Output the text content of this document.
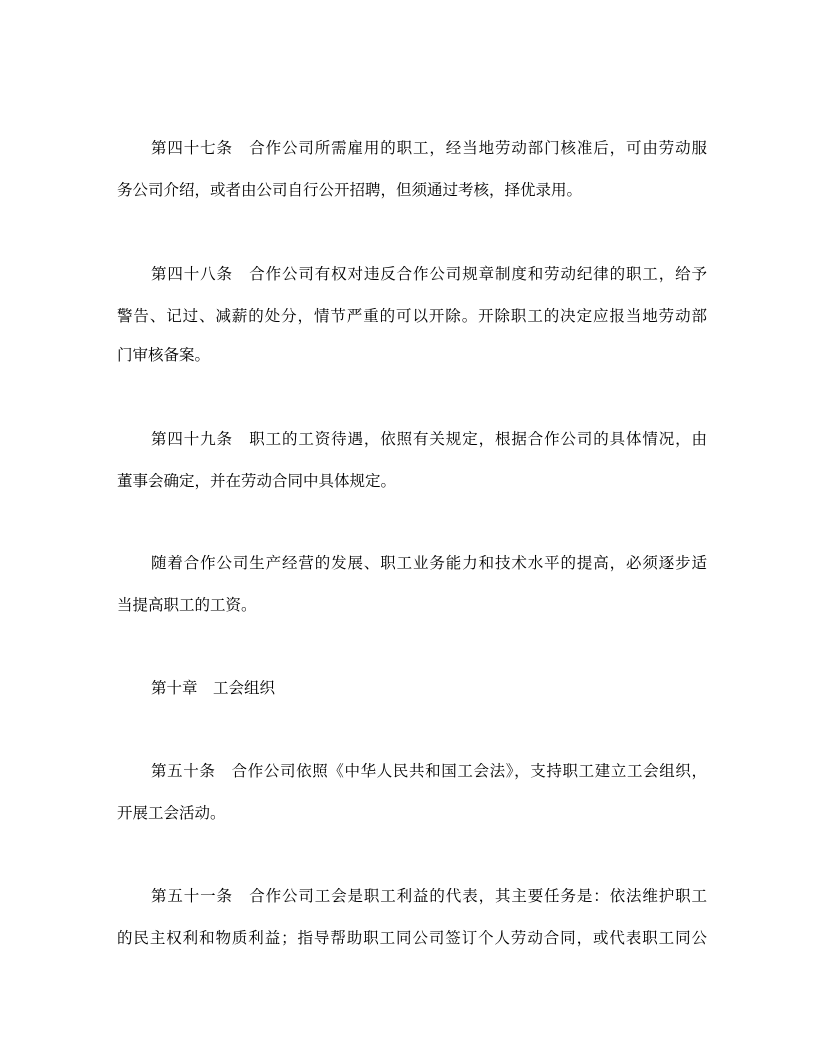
第四十七条　合作公司所需雇用的职工，经当地劳动部门核准后，可由劳动服
务公司介绍，或者由公司自行公开招聘，但须通过考核，择优录用。
第四十八条　合作公司有权对违反合作公司规章制度和劳动纪律的职工，给予
警告、记过、减薪的处分，情节严重的可以开除。开除职工的决定应报当地劳动部
门审核备案。
第四十九条　职工的工资待遇，依照有关规定，根据合作公司的具体情况，由
董事会确定，并在劳动合同中具体规定。
随着合作公司生产经营的发展、职工业务能力和技术水平的提高，必须逐步适
当提高职工的工资。
第十章　工会组织
第五十条　合作公司依照《中华人民共和国工会法》，支持职工建立工会组织，
开展工会活动。
第五十一条　合作公司工会是职工利益的代表，其主要任务是：依法维护职工
的民主权利和物质利益；指导帮助职工同公司签订个人劳动合同，或代表职工同公
